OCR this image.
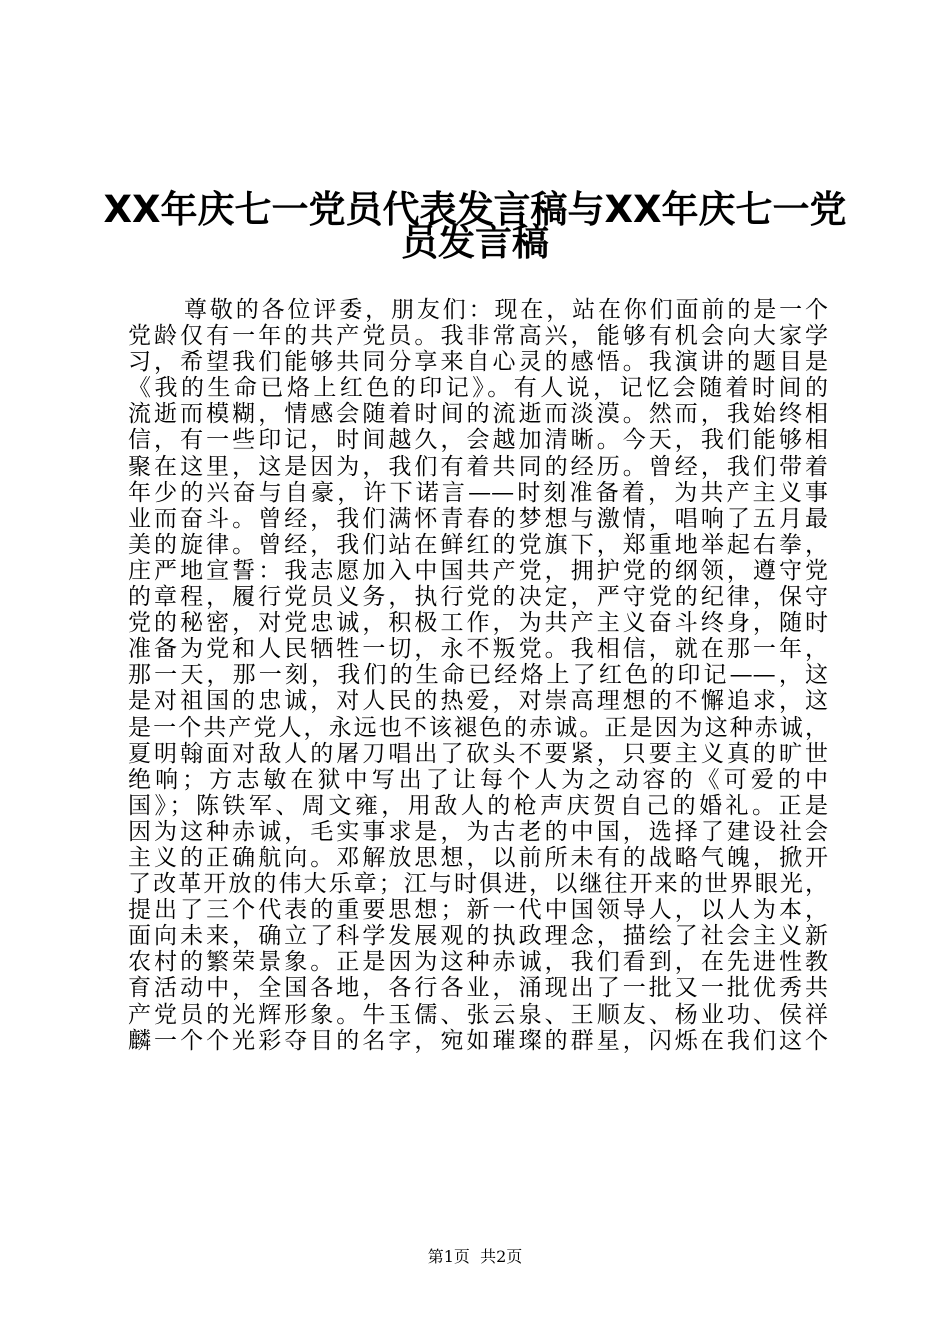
XX年庆七一党员代表发言稿与XX年庆七一党
员发言稿
尊敬的各位评委，朋友们：现在，站在你们面前的是一个
党龄仅有一年的共产党员。我非常高兴，能够有机会向大家学
习，希望我们能够共同分享来自心灵的感悟。我演讲的题目是
《我的生命已烙上红色的印记》。有人说，记忆会随着时间的
流逝而模糊，情感会随着时间的流逝而淡漠。然而，我始终相
信，有一些印记，时间越久，会越加清晰。今天，我们能够相
聚在这里，这是因为，我们有着共同的经历。曾经，我们带着
年少的兴奋与自豪，许下诺言——时刻准备着，为共产主义事
业而奋斗。曾经，我们满怀青春的梦想与激情，唱响了五月最
美的旋律。曾经，我们站在鲜红的党旗下，郑重地举起右拳，
庄严地宣誓：我志愿加入中国共产党，拥护党的纲领，遵守党
的章程，履行党员义务，执行党的决定，严守党的纪律，保守
党的秘密，对党忠诚，积极工作，为共产主义奋斗终身，随时
准备为党和人民牺牲一切，永不叛党。我相信，就在那一年，
那一天，那一刻，我们的生命已经烙上了红色的印记——，这
是对祖国的忠诚，对人民的热爱，对崇高理想的不懈追求，这
是一个共产党人，永远也不该褪色的赤诚。正是因为这种赤诚，
夏明翰面对敌人的屠刀唱出了砍头不要紧，只要主义真的旷世
绝响；方志敏在狱中写出了让每个人为之动容的《可爱的中
国》；陈铁军、周文雍，用敌人的枪声庆贺自己的婚礼。正是
因为这种赤诚，毛实事求是，为古老的中国，选择了建设社会
主义的正确航向。邓解放思想，以前所未有的战略气魄，掀开
了改革开放的伟大乐章；江与时俱进，以继往开来的世界眼光，
提出了三个代表的重要思想；新一代中国领导人，以人为本，
面向未来，确立了科学发展观的执政理念，描绘了社会主义新
农村的繁荣景象。正是因为这种赤诚，我们看到，在先进性教
育活动中，全国各地，各行各业，涌现出了一批又一批优秀共
产党员的光辉形象。牛玉儒、张云泉、王顺友、杨业功、侯祥
麟一个个光彩夺目的名字，宛如璀璨的群星，闪烁在我们这个
第1页  共2页
